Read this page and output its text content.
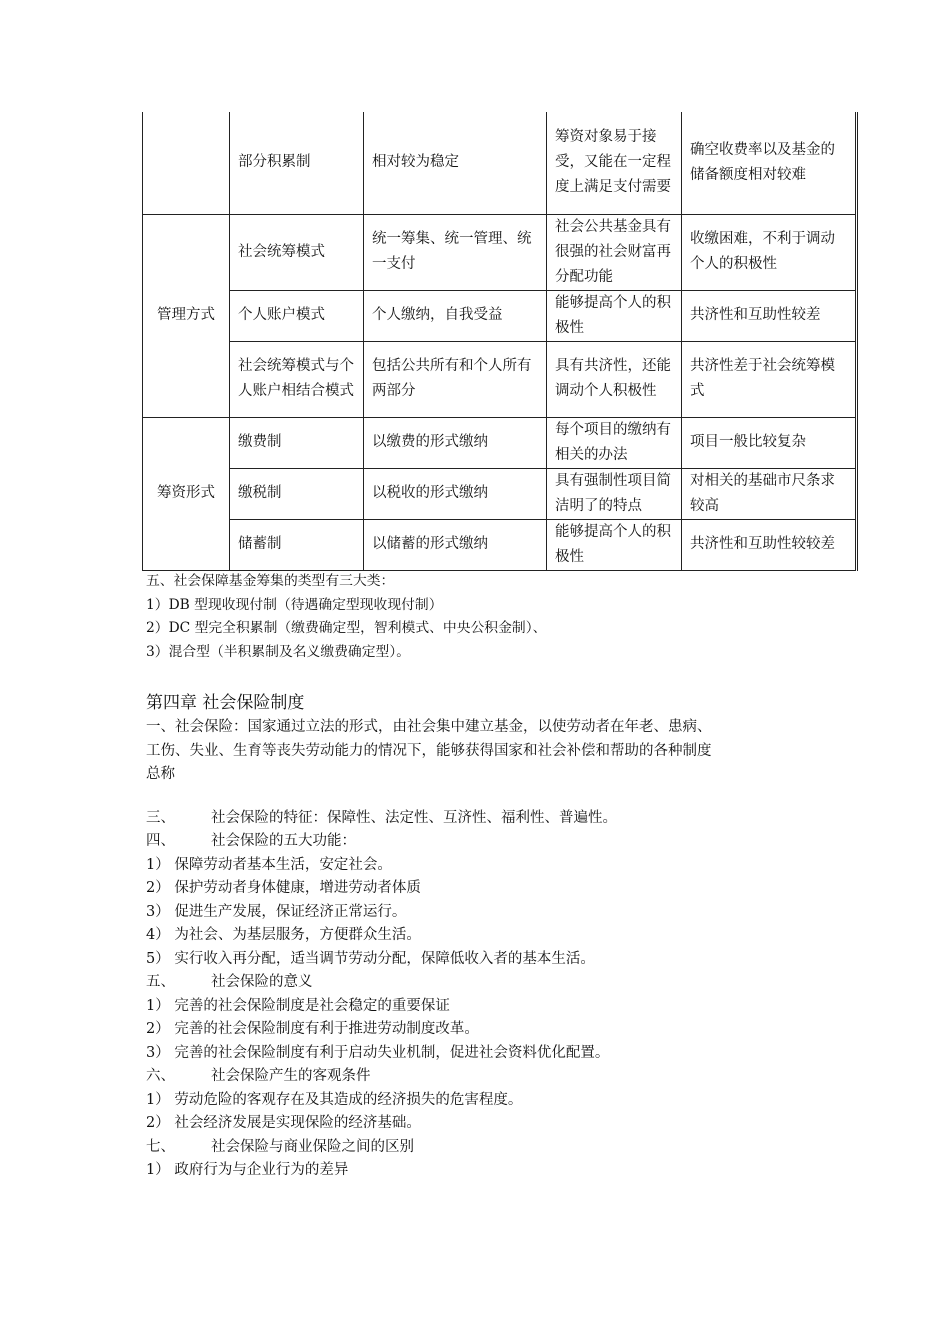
	部分积累制	相对较为稳定	筹资对象易于接受，又能在一定程度上满足支付需要	确空收费率以及基金的储备额度相对较难
管理方式	社会统筹模式	统一筹集、统一管理、统一支付	社会公共基金具有很强的社会财富再分配功能	收缴困难，不利于调动个人的积极性
	个人账户模式	个人缴纳，自我受益	能够提高个人的积极性	共济性和互助性较差
	社会统筹模式与个人账户相结合模式	包括公共所有和个人所有两部分	具有共济性，还能调动个人积极性	共济性差于社会统筹模式
筹资形式	缴费制	以缴费的形式缴纳	每个项目的缴纳有相关的办法	项目一般比较复杂
	缴税制	以税收的形式缴纳	具有强制性项目简洁明了的特点	对相关的基础市尺条求较高
	储蓄制	以储蓄的形式缴纳	能够提高个人的积极性	共济性和互助性较较差
五、社会保障基金筹集的类型有三大类：
1）DB 型现收现付制（待遇确定型现收现付制）
2）DC 型完全积累制（缴费确定型，智利模式、中央公积金制）、
3）混合型（半积累制及名义缴费确定型）。
第四章 社会保险制度
一、社会保险：国家通过立法的形式，由社会集中建立基金，以使劳动者在年老、患病、
工伤、失业、生育等丧失劳动能力的情况下，能够获得国家和社会补偿和帮助的各种制度
总称
三、 社会保险的特征：保障性、法定性、互济性、福利性、普遍性。
四、 社会保险的五大功能：
1） 保障劳动者基本生活，安定社会。
2） 保护劳动者身体健康，增进劳动者体质
3） 促进生产发展，保证经济正常运行。
4） 为社会、为基层服务，方便群众生活。
5） 实行收入再分配，适当调节劳动分配，保障低收入者的基本生活。
五、 社会保险的意义
1） 完善的社会保险制度是社会稳定的重要保证
2） 完善的社会保险制度有利于推进劳动制度改革。
3） 完善的社会保险制度有利于启动失业机制，促进社会资料优化配置。
六、 社会保险产生的客观条件
1） 劳动危险的客观存在及其造成的经济损失的危害程度。
2） 社会经济发展是实现保险的经济基础。
七、 社会保险与商业保险之间的区别
1） 政府行为与企业行为的差异
